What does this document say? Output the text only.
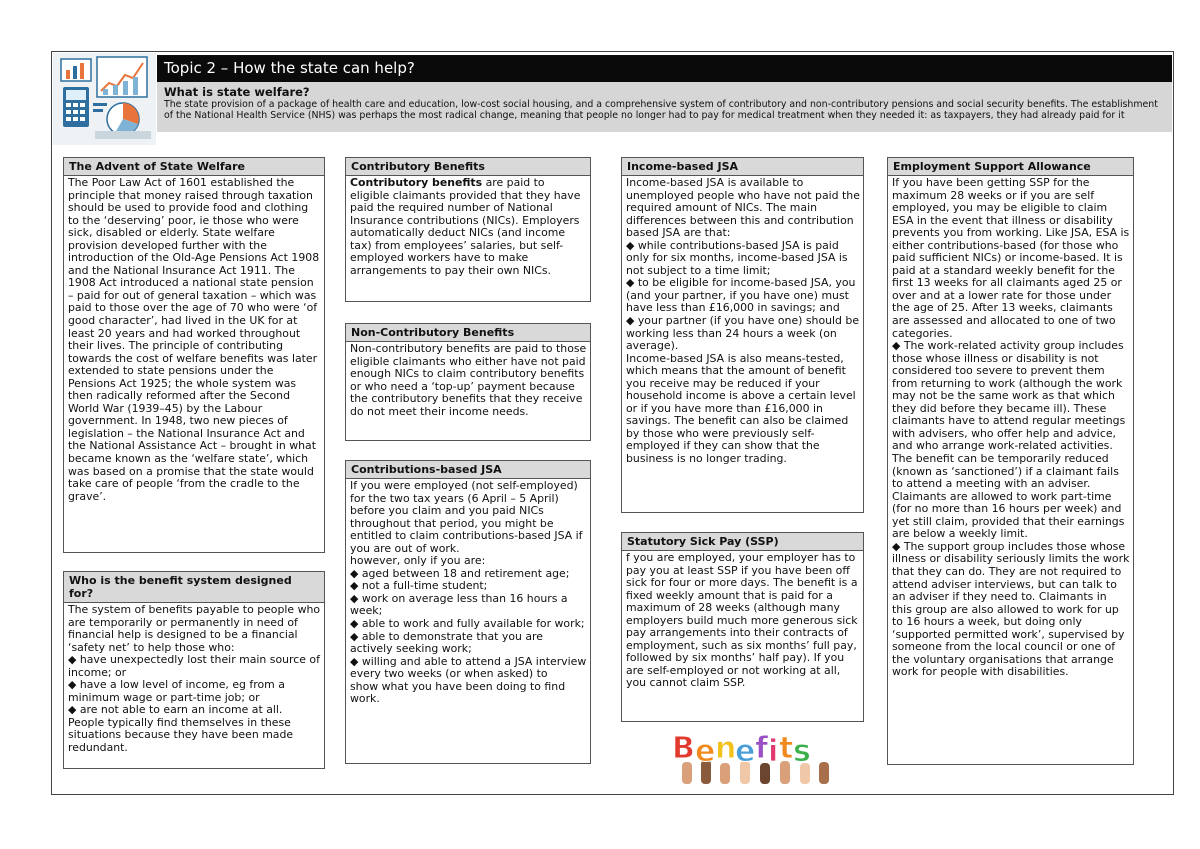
Topic 2 – How the state can help?
What is state welfare?
The state provision of a package of health care and education, low-cost social housing, and a comprehensive system of contributory and non-contributory pensions and social security benefits. The establishment of the National Health Service (NHS) was perhaps the most radical change, meaning that people no longer had to pay for medical treatment when they needed it: as taxpayers, they had already paid for it
The Advent of State Welfare
The Poor Law Act of 1601 established the principle that money raised through taxation should be used to provide food and clothing to the ‘deserving’ poor, ie those who were sick, disabled or elderly. State welfare provision developed further with the introduction of the Old-Age Pensions Act 1908 and the National Insurance Act 1911. The 1908 Act introduced a national state pension – paid for out of general taxation – which was paid to those over the age of 70 who were ‘of good character’, had lived in the UK for at least 20 years and had worked throughout their lives. The principle of contributing towards the cost of welfare benefits was later extended to state pensions under the Pensions Act 1925; the whole system was then radically reformed after the Second World War (1939–45) by the Labour government. In 1948, two new pieces of legislation – the National Insurance Act and the National Assistance Act – brought in what became known as the ‘welfare state’, which was based on a promise that the state would take care of people ‘from the cradle to the grave’.
Who is the benefit system designed for?
The system of benefits payable to people who are temporarily or permanently in need of financial help is designed to be a financial ‘safety net’ to help those who:
◆ have unexpectedly lost their main source of income; or
◆ have a low level of income, eg from a minimum wage or part-time job; or
◆ are not able to earn an income at all.
People typically find themselves in these situations because they have been made redundant.
Contributory Benefits
Contributory benefits are paid to eligible claimants provided that they have paid the required number of National Insurance contributions (NICs). Employers automatically deduct NICs (and income tax) from employees’ salaries, but self-employed workers have to make arrangements to pay their own NICs.
Non-Contributory Benefits
Non-contributory benefits are paid to those eligible claimants who either have not paid enough NICs to claim contributory benefits or who need a ‘top-up’ payment because the contributory benefits that they receive do not meet their income needs.
Contributions-based JSA
If you were employed (not self-employed) for the two tax years (6 April – 5 April) before you claim and you paid NICs throughout that period, you might be entitled to claim contributions-based JSA if you are out of work.
however, only if you are:
◆ aged between 18 and retirement age;
◆ not a full-time student;
◆ work on average less than 16 hours a week;
◆ able to work and fully available for work;
◆ able to demonstrate that you are actively seeking work;
◆ willing and able to attend a JSA interview every two weeks (or when asked) to
show what you have been doing to find work.
Income-based JSA
Income-based JSA is available to unemployed people who have not paid the required amount of NICs. The main differences between this and contribution based JSA are that:
◆ while contributions-based JSA is paid only for six months, income-based JSA is not subject to a time limit;
◆ to be eligible for income-based JSA, you (and your partner, if you have one) must have less than £16,000 in savings; and
◆ your partner (if you have one) should be working less than 24 hours a week (on average).
Income-based JSA is also means-tested, which means that the amount of benefit you receive may be reduced if your household income is above a certain level or if you have more than £16,000 in savings. The benefit can also be claimed by those who were previously self-employed if they can show that the business is no longer trading.
Statutory Sick Pay (SSP)
f you are employed, your employer has to pay you at least SSP if you have been off sick for four or more days. The benefit is a fixed weekly amount that is paid for a maximum of 28 weeks (although many employers build much more generous sick pay arrangements into their contracts of employment, such as six months’ full pay, followed by six months’ half pay). If you are self-employed or not working at all, you cannot claim SSP.
B e n
e f i t s
Employment Support Allowance
If you have been getting SSP for the maximum 28 weeks or if you are self employed, you may be eligible to claim ESA in the event that illness or disability prevents you from working. Like JSA, ESA is either contributions-based (for those who paid sufficient NICs) or income-based. It is paid at a standard weekly benefit for the first 13 weeks for all claimants aged 25 or over and at a lower rate for those under the age of 25. After 13 weeks, claimants are assessed and allocated to one of two categories.
◆ The work-related activity group includes those whose illness or disability is not considered too severe to prevent them from returning to work (although the work may not be the same work as that which they did before they became ill). These claimants have to attend regular meetings with advisers, who offer help and advice, and who arrange work-related activities. The benefit can be temporarily reduced (known as ‘sanctioned’) if a claimant fails to attend a meeting with an adviser. Claimants are allowed to work part-time (for no more than 16 hours per week) and yet still claim, provided that their earnings are below a weekly limit.
◆ The support group includes those whose illness or disability seriously limits the work that they can do. They are not required to attend adviser interviews, but can talk to an adviser if they need to. Claimants in this group are also allowed to work for up to 16 hours a week, but doing only ‘supported permitted work’, supervised by someone from the local council or one of the voluntary organisations that arrange work for people with disabilities.
